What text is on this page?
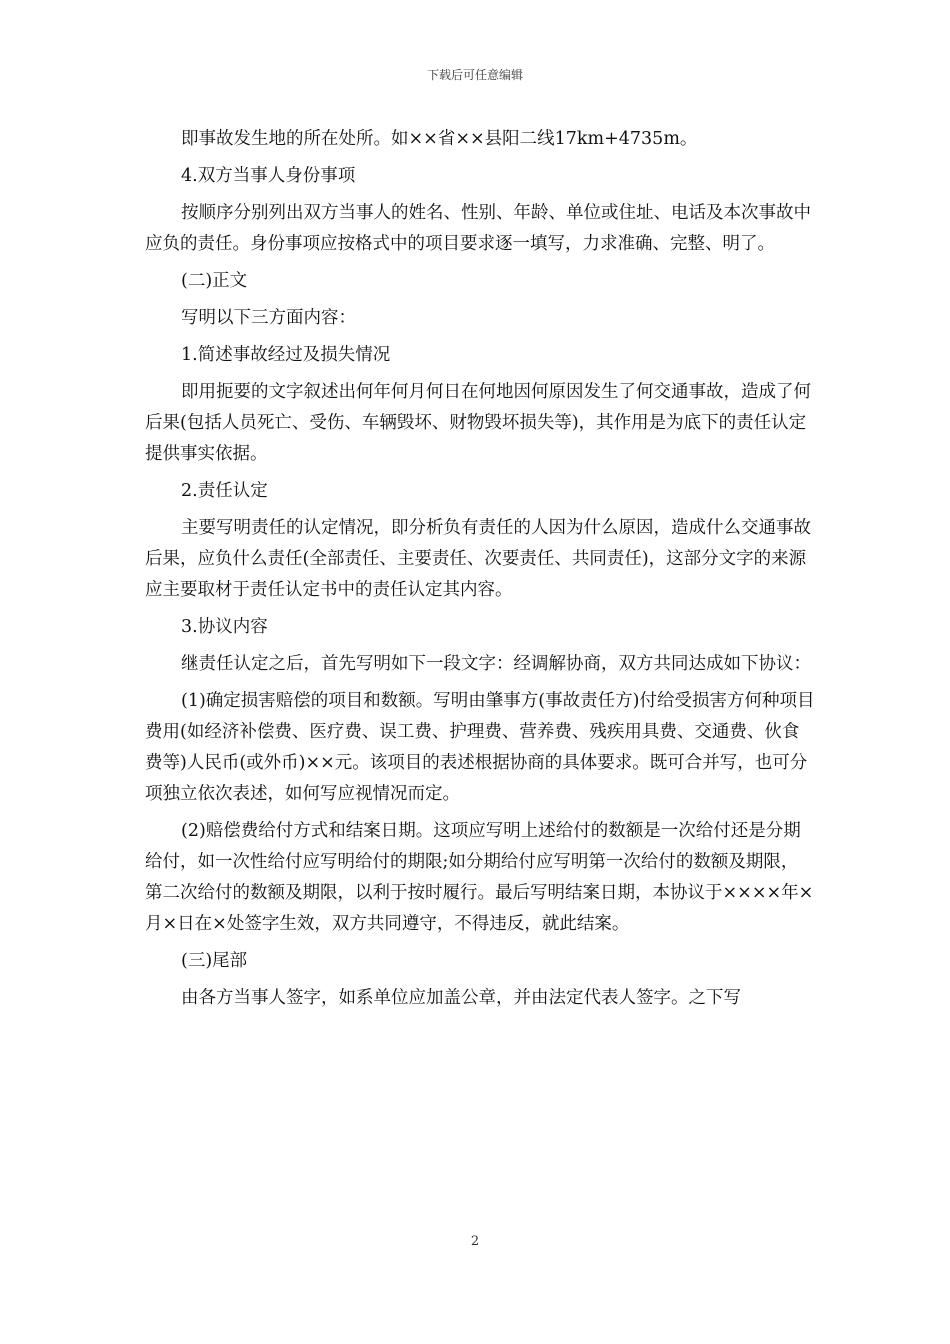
下载后可任意编辑

即事故发生地的所在处所。如××省××县阳二线17km+4735m。

4.双方当事人身份事项

按顺序分别列出双方当事人的姓名、性别、年龄、单位或住址、电话及本次事故中应负的责任。身份事项应按格式中的项目要求逐一填写，力求准确、完整、明了。

(二)正文

写明以下三方面内容：

1.简述事故经过及损失情况

即用扼要的文字叙述出何年何月何日在何地因何原因发生了何交通事故，造成了何后果(包括人员死亡、受伤、车辆毁坏、财物毁坏损失等)，其作用是为底下的责任认定提供事实依据。

2.责任认定

主要写明责任的认定情况，即分析负有责任的人因为什么原因，造成什么交通事故后果，应负什么责任(全部责任、主要责任、次要责任、共同责任)，这部分文字的来源应主要取材于责任认定书中的责任认定其内容。

3.协议内容

继责任认定之后，首先写明如下一段文字：经调解协商，双方共同达成如下协议：

(1)确定损害赔偿的项目和数额。写明由肇事方(事故责任方)付给受损害方何种项目费用(如经济补偿费、医疗费、误工费、护理费、营养费、残疾用具费、交通费、伙食费等)人民币(或外币)××元。该项目的表述根据协商的具体要求。既可合并写，也可分项独立依次表述，如何写应视情况而定。

(2)赔偿费给付方式和结案日期。这项应写明上述给付的数额是一次给付还是分期给付，如一次性给付应写明给付的期限;如分期给付应写明第一次给付的数额及期限，第二次给付的数额及期限，以利于按时履行。最后写明结案日期，本协议于××××年×月×日在×处签字生效，双方共同遵守，不得违反，就此结案。

(三)尾部

由各方当事人签字，如系单位应加盖公章，并由法定代表人签字。之下写

2
